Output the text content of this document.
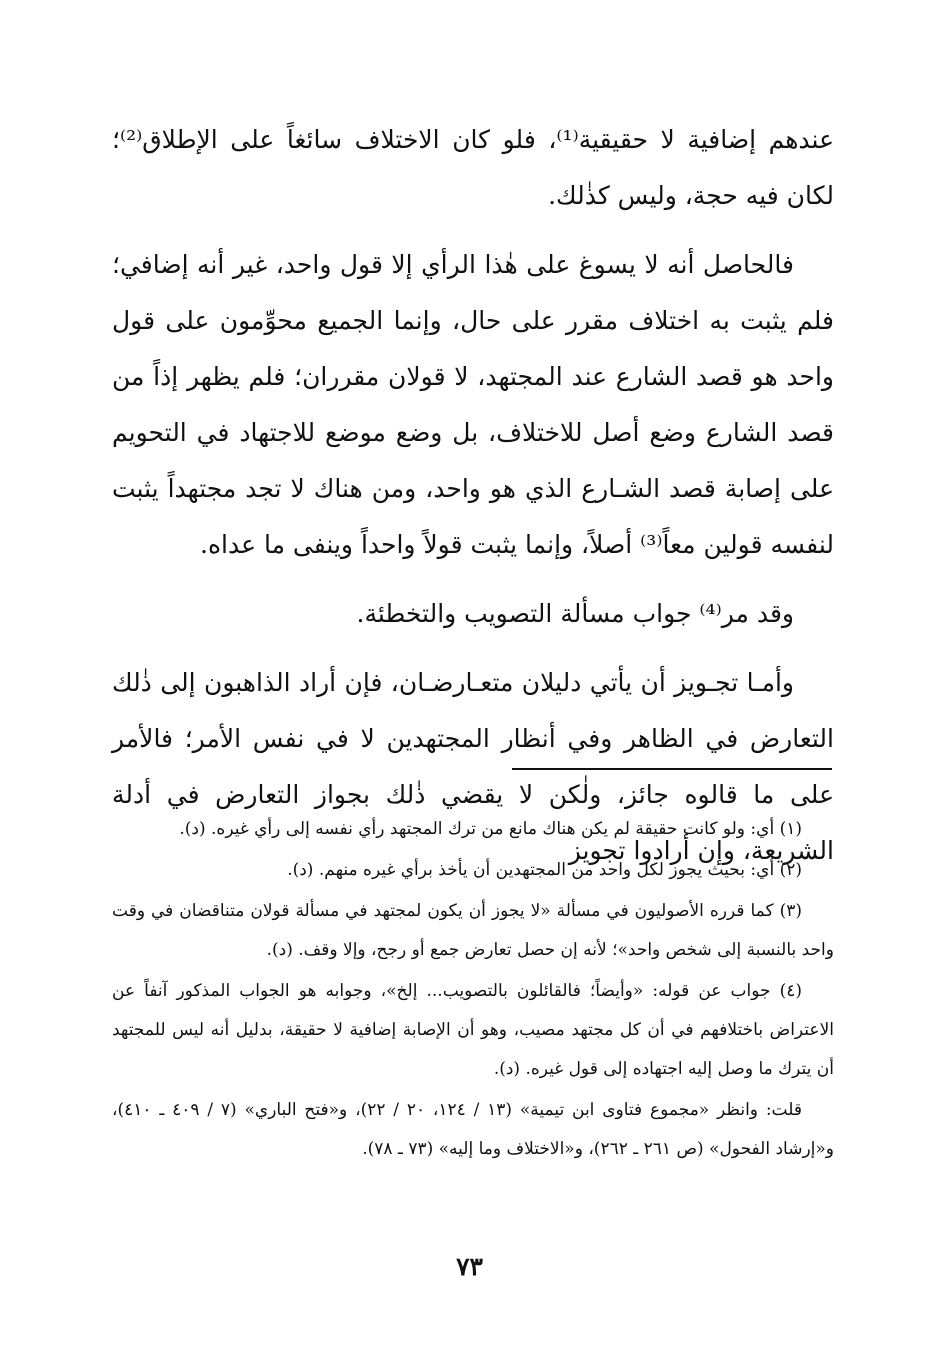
عندهم إضافية لا حقيقية⁽¹⁾، فلو كان الاختلاف سائغاً على الإطلاق⁽²⁾؛ لكان فيه حجة، وليس كذٰلك.

فالحاصل أنه لا يسوغ على هٰذا الرأي إلا قول واحد، غير أنه إضافي؛ فلم يثبت به اختلاف مقرر على حال، وإنما الجميع محوِّمون على قول واحد هو قصد الشارع عند المجتهد، لا قولان مقرران؛ فلم يظهر إذاً من قصد الشارع وضع أصل للاختلاف، بل وضع موضع للاجتهاد في التحويم على إصابة قصد الشـارع الذي هو واحد، ومن هناك لا تجد مجتهداً يثبت لنفسه قولين معاً⁽³⁾ أصلاً، وإنما يثبت قولاً واحداً وينفى ما عداه.

وقد مر⁽⁴⁾ جواب مسألة التصويب والتخطئة.

وأمـا تجـويز أن يأتي دليلان متعـارضـان، فإن أراد الذاهبون إلى ذٰلك التعارض في الظاهر وفي أنظار المجتهدين لا في نفس الأمر؛ فالأمر على ما قالوه جائز، ولٰكن لا يقضي ذٰلك بجواز التعارض في أدلة الشريعة، وإن أرادوا تجويز

(١) أي: ولو كانت حقيقة لم يكن هناك مانع من ترك المجتهد رأي نفسه إلى رأي غيره. (د).

(٢) أي: بحيث يجوز لكل واحد من المجتهدين أن يأخذ برأي غيره منهم. (د).

(٣) كما قرره الأصوليون في مسألة «لا يجوز أن يكون لمجتهد في مسألة قولان متناقضان في وقت واحد بالنسبة إلى شخص واحد»؛ لأنه إن حصل تعارض جمع أو رجح، وإلا وقف. (د).

(٤) جواب عن قوله: «وأيضاً؛ فالقائلون بالتصويب... إلخ»، وجوابه هو الجواب المذكور آنفاً عن الاعتراض باختلافهم في أن كل مجتهد مصيب، وهو أن الإصابة إضافية لا حقيقة، بدليل أنه ليس للمجتهد أن يترك ما وصل إليه اجتهاده إلى قول غيره. (د).

قلت: وانظر «مجموع فتاوى ابن تيمية» (١٣ / ١٢٤، ٢٠ / ٢٢)، و«فتح الباري» (٧ / ٤٠٩ ـ ٤١٠)، و«إرشاد الفحول» (ص ٢٦١ ـ ٢٦٢)، و«الاختلاف وما إليه» (٧٣ ـ ٧٨).

٧٣
